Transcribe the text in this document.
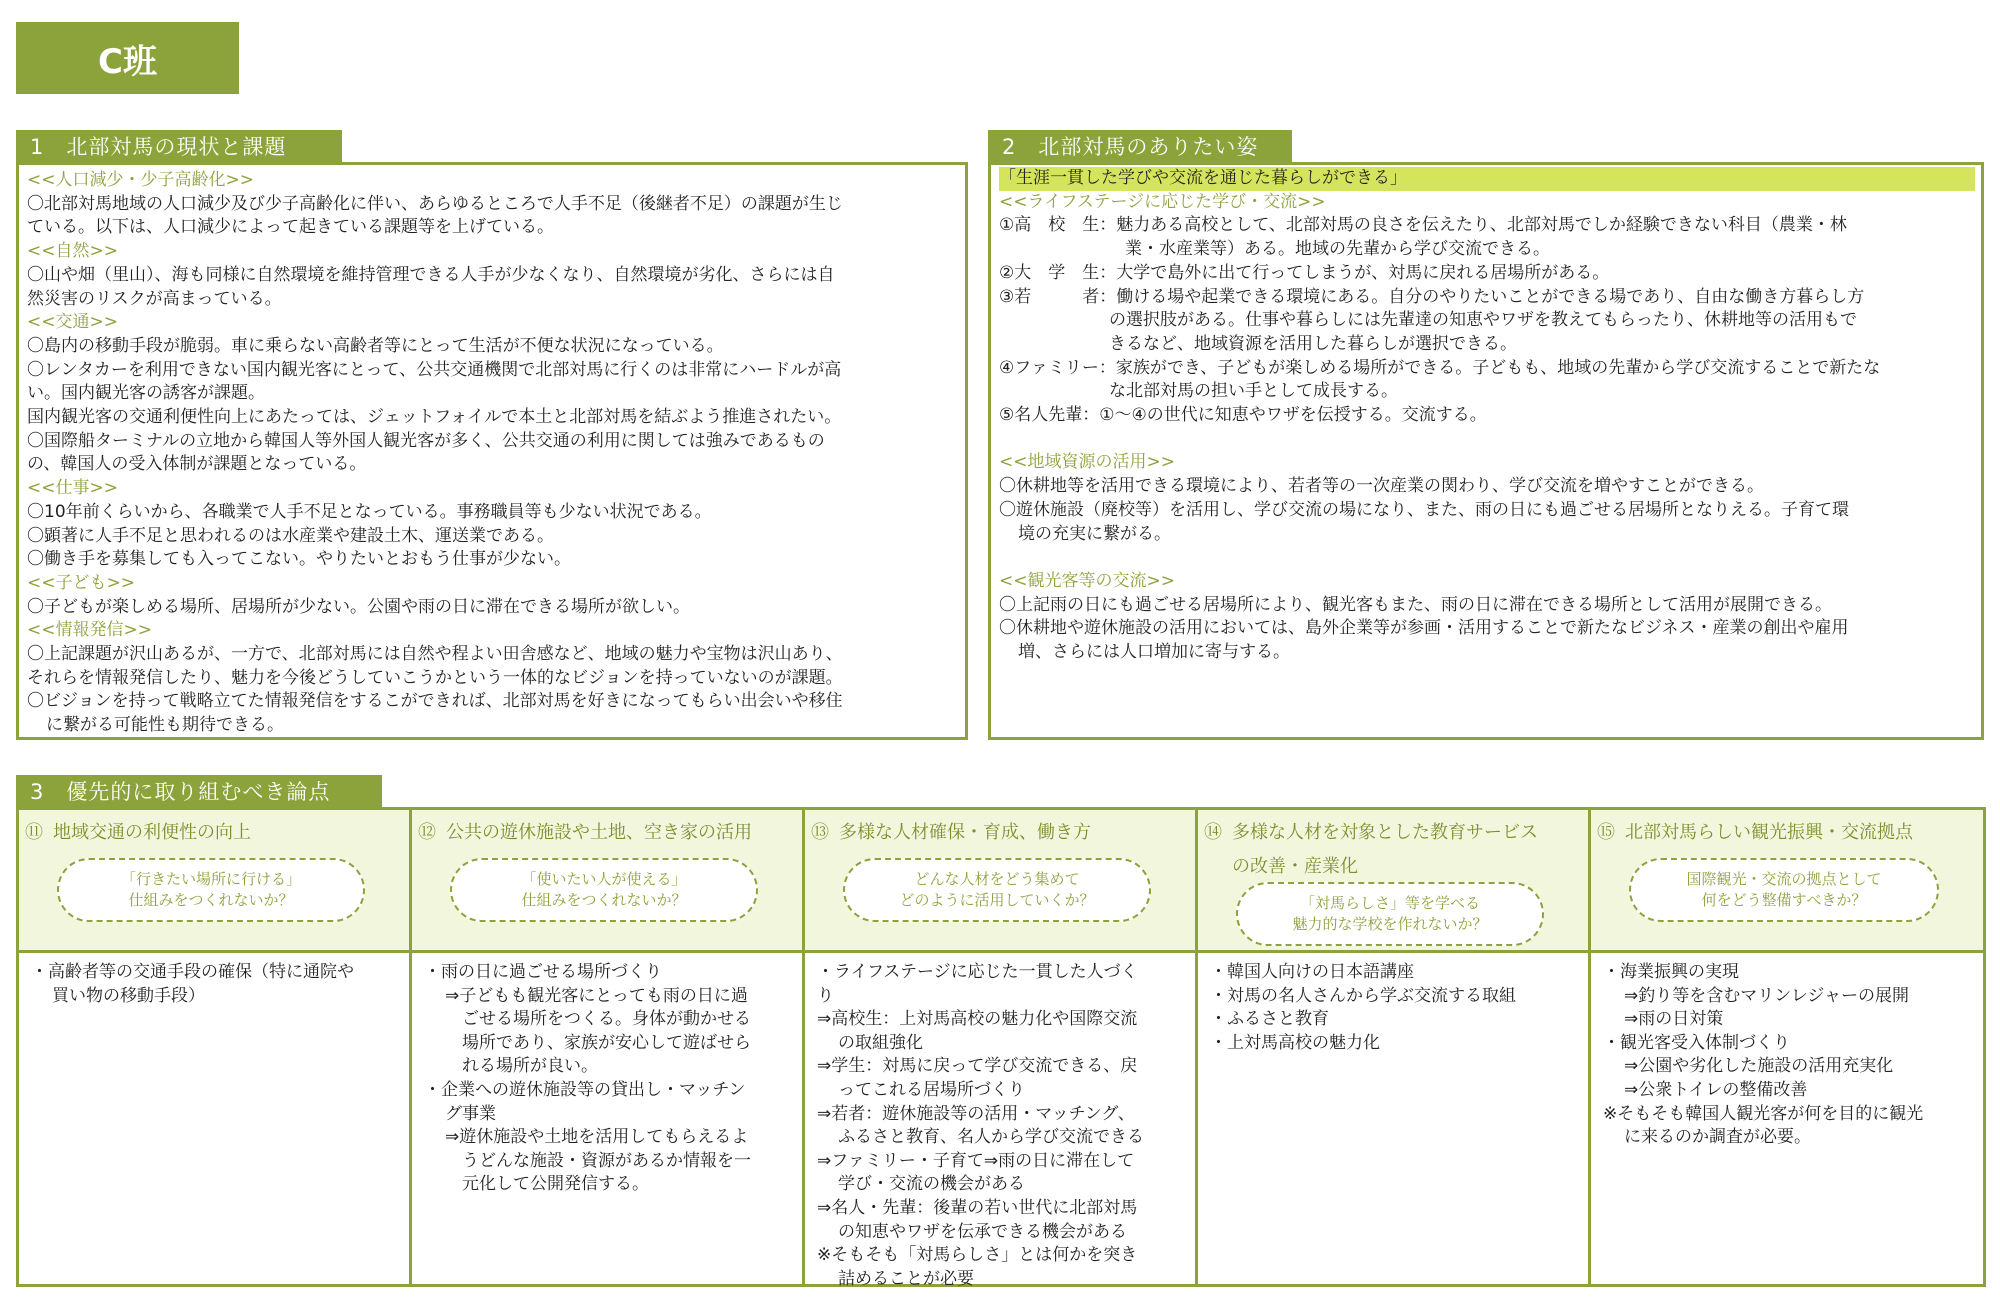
C班
1　北部対馬の現状と課題
<<人口減少・少子高齢化>>
〇北部対馬地域の人口減少及び少子高齢化に伴い、あらゆるところで人手不足（後継者不足）の課題が生じ
ている。以下は、人口減少によって起きている課題等を上げている。
<<自然>>
〇山や畑（里山）、海も同様に自然環境を維持管理できる人手が少なくなり、自然環境が劣化、さらには自
然災害のリスクが高まっている。
<<交通>>
〇島内の移動手段が脆弱。車に乗らない高齢者等にとって生活が不便な状況になっている。
〇レンタカーを利用できない国内観光客にとって、公共交通機関で北部対馬に行くのは非常にハードルが高
い。国内観光客の誘客が課題。
国内観光客の交通利便性向上にあたっては、ジェットフォイルで本土と北部対馬を結ぶよう推進されたい。
〇国際船ターミナルの立地から韓国人等外国人観光客が多く、公共交通の利用に関しては強みであるもの
の、韓国人の受入体制が課題となっている。
<<仕事>>
〇10年前くらいから、各職業で人手不足となっている。事務職員等も少ない状況である。
〇顕著に人手不足と思われるのは水産業や建設土木、運送業である。
〇働き手を募集しても入ってこない。やりたいとおもう仕事が少ない。
<<子ども>>
〇子どもが楽しめる場所、居場所が少ない。公園や雨の日に滞在できる場所が欲しい。
<<情報発信>>
〇上記課題が沢山あるが、一方で、北部対馬には自然や程よい田舎感など、地域の魅力や宝物は沢山あり、
それらを情報発信したり、魅力を今後どうしていこうかという一体的なビジョンを持っていないのが課題。
〇ビジョンを持って戦略立てた情報発信をするこができれば、北部対馬を好きになってもらい出会いや移住
に繋がる可能性も期待できる。
2　北部対馬のありたい姿
「生涯一貫した学びや交流を通じた暮らしができる」
<<ライフステージに応じた学び・交流>>
①高　校　生：魅力ある高校として、北部対馬の良さを伝えたり、北部対馬でしか経験できない科目（農業・林
業・水産業等）ある。地域の先輩から学び交流できる。
②大　学　生：大学で島外に出て行ってしまうが、対馬に戻れる居場所がある。
③若　　　者：働ける場や起業できる環境にある。自分のやりたいことができる場であり、自由な働き方暮らし方
の選択肢がある。仕事や暮らしには先輩達の知恵やワザを教えてもらったり、休耕地等の活用もで
きるなど、地域資源を活用した暮らしが選択できる。
④ファミリー：家族ができ、子どもが楽しめる場所ができる。子どもも、地域の先輩から学び交流することで新たな
な北部対馬の担い手として成長する。
⑤名人先輩：①～④の世代に知恵やワザを伝授する。交流する。

<<地域資源の活用>>
〇休耕地等を活用できる環境により、若者等の一次産業の関わり、学び交流を増やすことができる。
〇遊休施設（廃校等）を活用し、学び交流の場になり、また、雨の日にも過ごせる居場所となりえる。子育て環
境の充実に繋がる。

<<観光客等の交流>>
〇上記雨の日にも過ごせる居場所により、観光客もまた、雨の日に滞在できる場所として活用が展開できる。
〇休耕地や遊休施設の活用においては、島外企業等が参画・活用することで新たなビジネス・産業の創出や雇用
増、さらには人口増加に寄与する。
3　優先的に取り組むべき論点
⑪ 地域交通の利便性の向上
「行きたい場所に行ける」
仕組みをつくれないか？
・高齢者等の交通手段の確保（特に通院や
買い物の移動手段）
⑫ 公共の遊休施設や土地、空き家の活用
「使いたい人が使える」
仕組みをつくれないか？
・雨の日に過ごせる場所づくり
⇒子どもも観光客にとっても雨の日に過
ごせる場所をつくる。身体が動かせる
場所であり、家族が安心して遊ばせら
れる場所が良い。
・企業への遊休施設等の貸出し・マッチン
グ事業
⇒遊休施設や土地を活用してもらえるよ
うどんな施設・資源があるか情報を一
元化して公開発信する。
⑬ 多様な人材確保・育成、働き方
どんな人材をどう集めて
どのように活用していくか？
・ライフステージに応じた一貫した人づく
り
⇒高校生：上対馬高校の魅力化や国際交流
の取組強化
⇒学生：対馬に戻って学び交流できる、戻
ってこれる居場所づくり
⇒若者：遊休施設等の活用・マッチング、
ふるさと教育、名人から学び交流できる
⇒ファミリー・子育て⇒雨の日に滞在して
学び・交流の機会がある
⇒名人・先輩：後輩の若い世代に北部対馬
の知恵やワザを伝承できる機会がある
※そもそも「対馬らしさ」とは何かを突き
詰めることが必要
⑭ 多様な人材を対象とした教育サービス
の改善・産業化
「対馬らしさ」等を学べる
魅力的な学校を作れないか？
・韓国人向けの日本語講座
・対馬の名人さんから学ぶ交流する取組
・ふるさと教育
・上対馬高校の魅力化
⑮ 北部対馬らしい観光振興・交流拠点
国際観光・交流の拠点として
何をどう整備すべきか？
・海業振興の実現
⇒釣り等を含むマリンレジャーの展開
⇒雨の日対策
・観光客受入体制づくり
⇒公園や劣化した施設の活用充実化
⇒公衆トイレの整備改善
※そもそも韓国人観光客が何を目的に観光
に来るのか調査が必要。
